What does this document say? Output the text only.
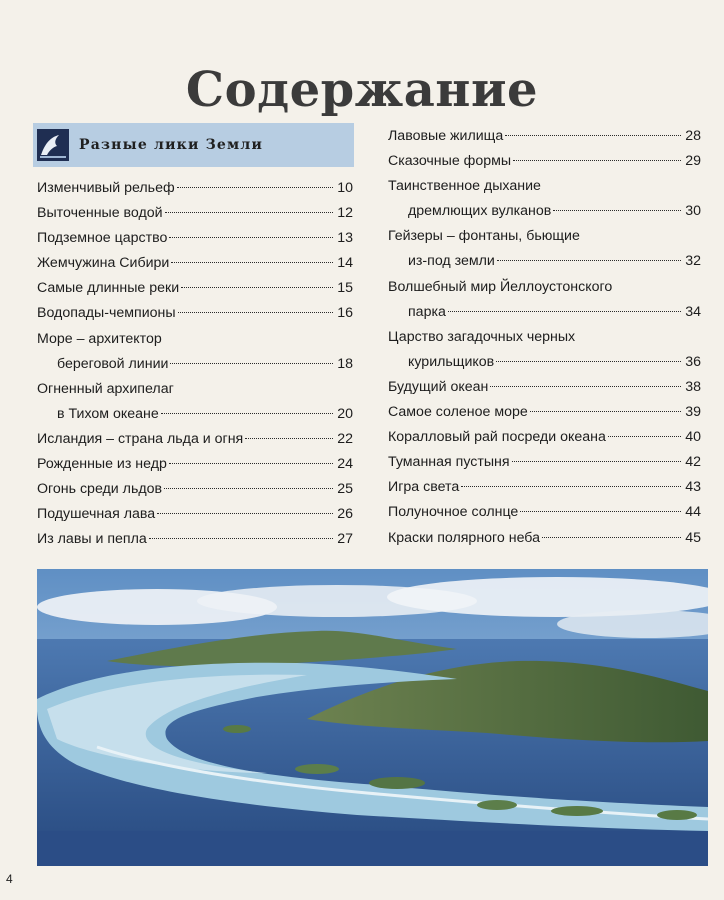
Содержание
Разные лики Земли
Изменчивый рельеф	10
Выточенные водой	12
Подземное царство	13
Жемчужина Сибири	14
Самые длинные реки	15
Водопады-чемпионы	16
Море – архитектор
береговой линии	18
Огненный архипелаг
в Тихом океане	20
Исландия – страна льда и огня	22
Рожденные из недр	24
Огонь среди льдов	25
Подушечная лава	26
Из лавы и пепла	27
Лавовые жилища	28
Сказочные формы	29
Таинственное дыхание
дремлющих вулканов	30
Гейзеры – фонтаны, бьющие
из-под земли	32
Волшебный мир Йеллоустонского
парка	34
Царство загадочных черных
курильщиков	36
Будущий океан	38
Самое соленое море	39
Коралловый рай посреди океана	40
Туманная пустыня	42
Игра света	43
Полуночное солнце	44
Краски полярного неба	45
4
